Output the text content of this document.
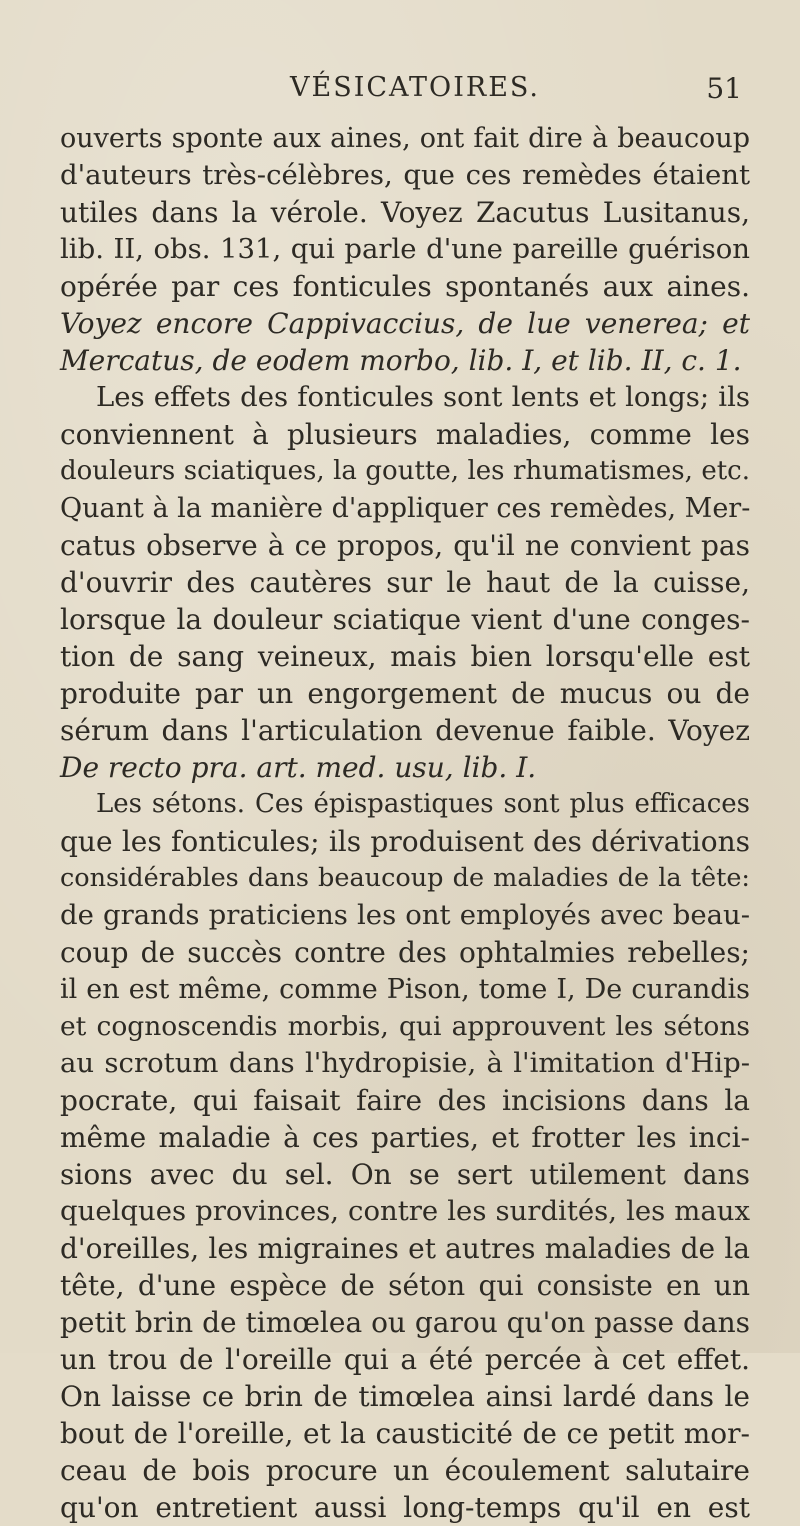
VÉSICATOIRES.	51
ouverts sponte aux aines, ont fait dire à beaucoup
d'auteurs très-célèbres, que ces remèdes étaient
utiles dans la vérole. Voyez Zacutus Lusitanus,
lib. II, obs. 131, qui parle d'une pareille guérison
opérée par ces fonticules spontanés aux aines.
Voyez encore Cappivaccius, de lue venerea; et
Mercatus, de eodem morbo, lib. I, et lib. II, c. 1.
Les effets des fonticules sont lents et longs; ils
conviennent à plusieurs maladies, comme les
douleurs sciatiques, la goutte, les rhumatismes, etc.
Quant à la manière d'appliquer ces remèdes, Mer-
catus observe à ce propos, qu'il ne convient pas
d'ouvrir des cautères sur le haut de la cuisse,
lorsque la douleur sciatique vient d'une conges-
tion de sang veineux, mais bien lorsqu'elle est
produite par un engorgement de mucus ou de
sérum dans l'articulation devenue faible. Voyez
De recto pra. art. med. usu, lib. I.
Les sétons. Ces épispastiques sont plus efficaces
que les fonticules; ils produisent des dérivations
considérables dans beaucoup de maladies de la tête:
de grands praticiens les ont employés avec beau-
coup de succès contre des ophtalmies rebelles;
il en est même, comme Pison, tome I, De curandis
et cognoscendis morbis, qui approuvent les sétons
au scrotum dans l'hydropisie, à l'imitation d'Hip-
pocrate, qui faisait faire des incisions dans la
même maladie à ces parties, et frotter les inci-
sions avec du sel. On se sert utilement dans
quelques provinces, contre les surdités, les maux
d'oreilles, les migraines et autres maladies de la
tête, d'une espèce de séton qui consiste en un
petit brin de timœlea ou garou qu'on passe dans
un trou de l'oreille qui a été percée à cet effet.
On laisse ce brin de timœlea ainsi lardé dans le
bout de l'oreille, et la causticité de ce petit mor-
ceau de bois procure un écoulement salutaire
qu'on entretient aussi long-temps qu'il en est
